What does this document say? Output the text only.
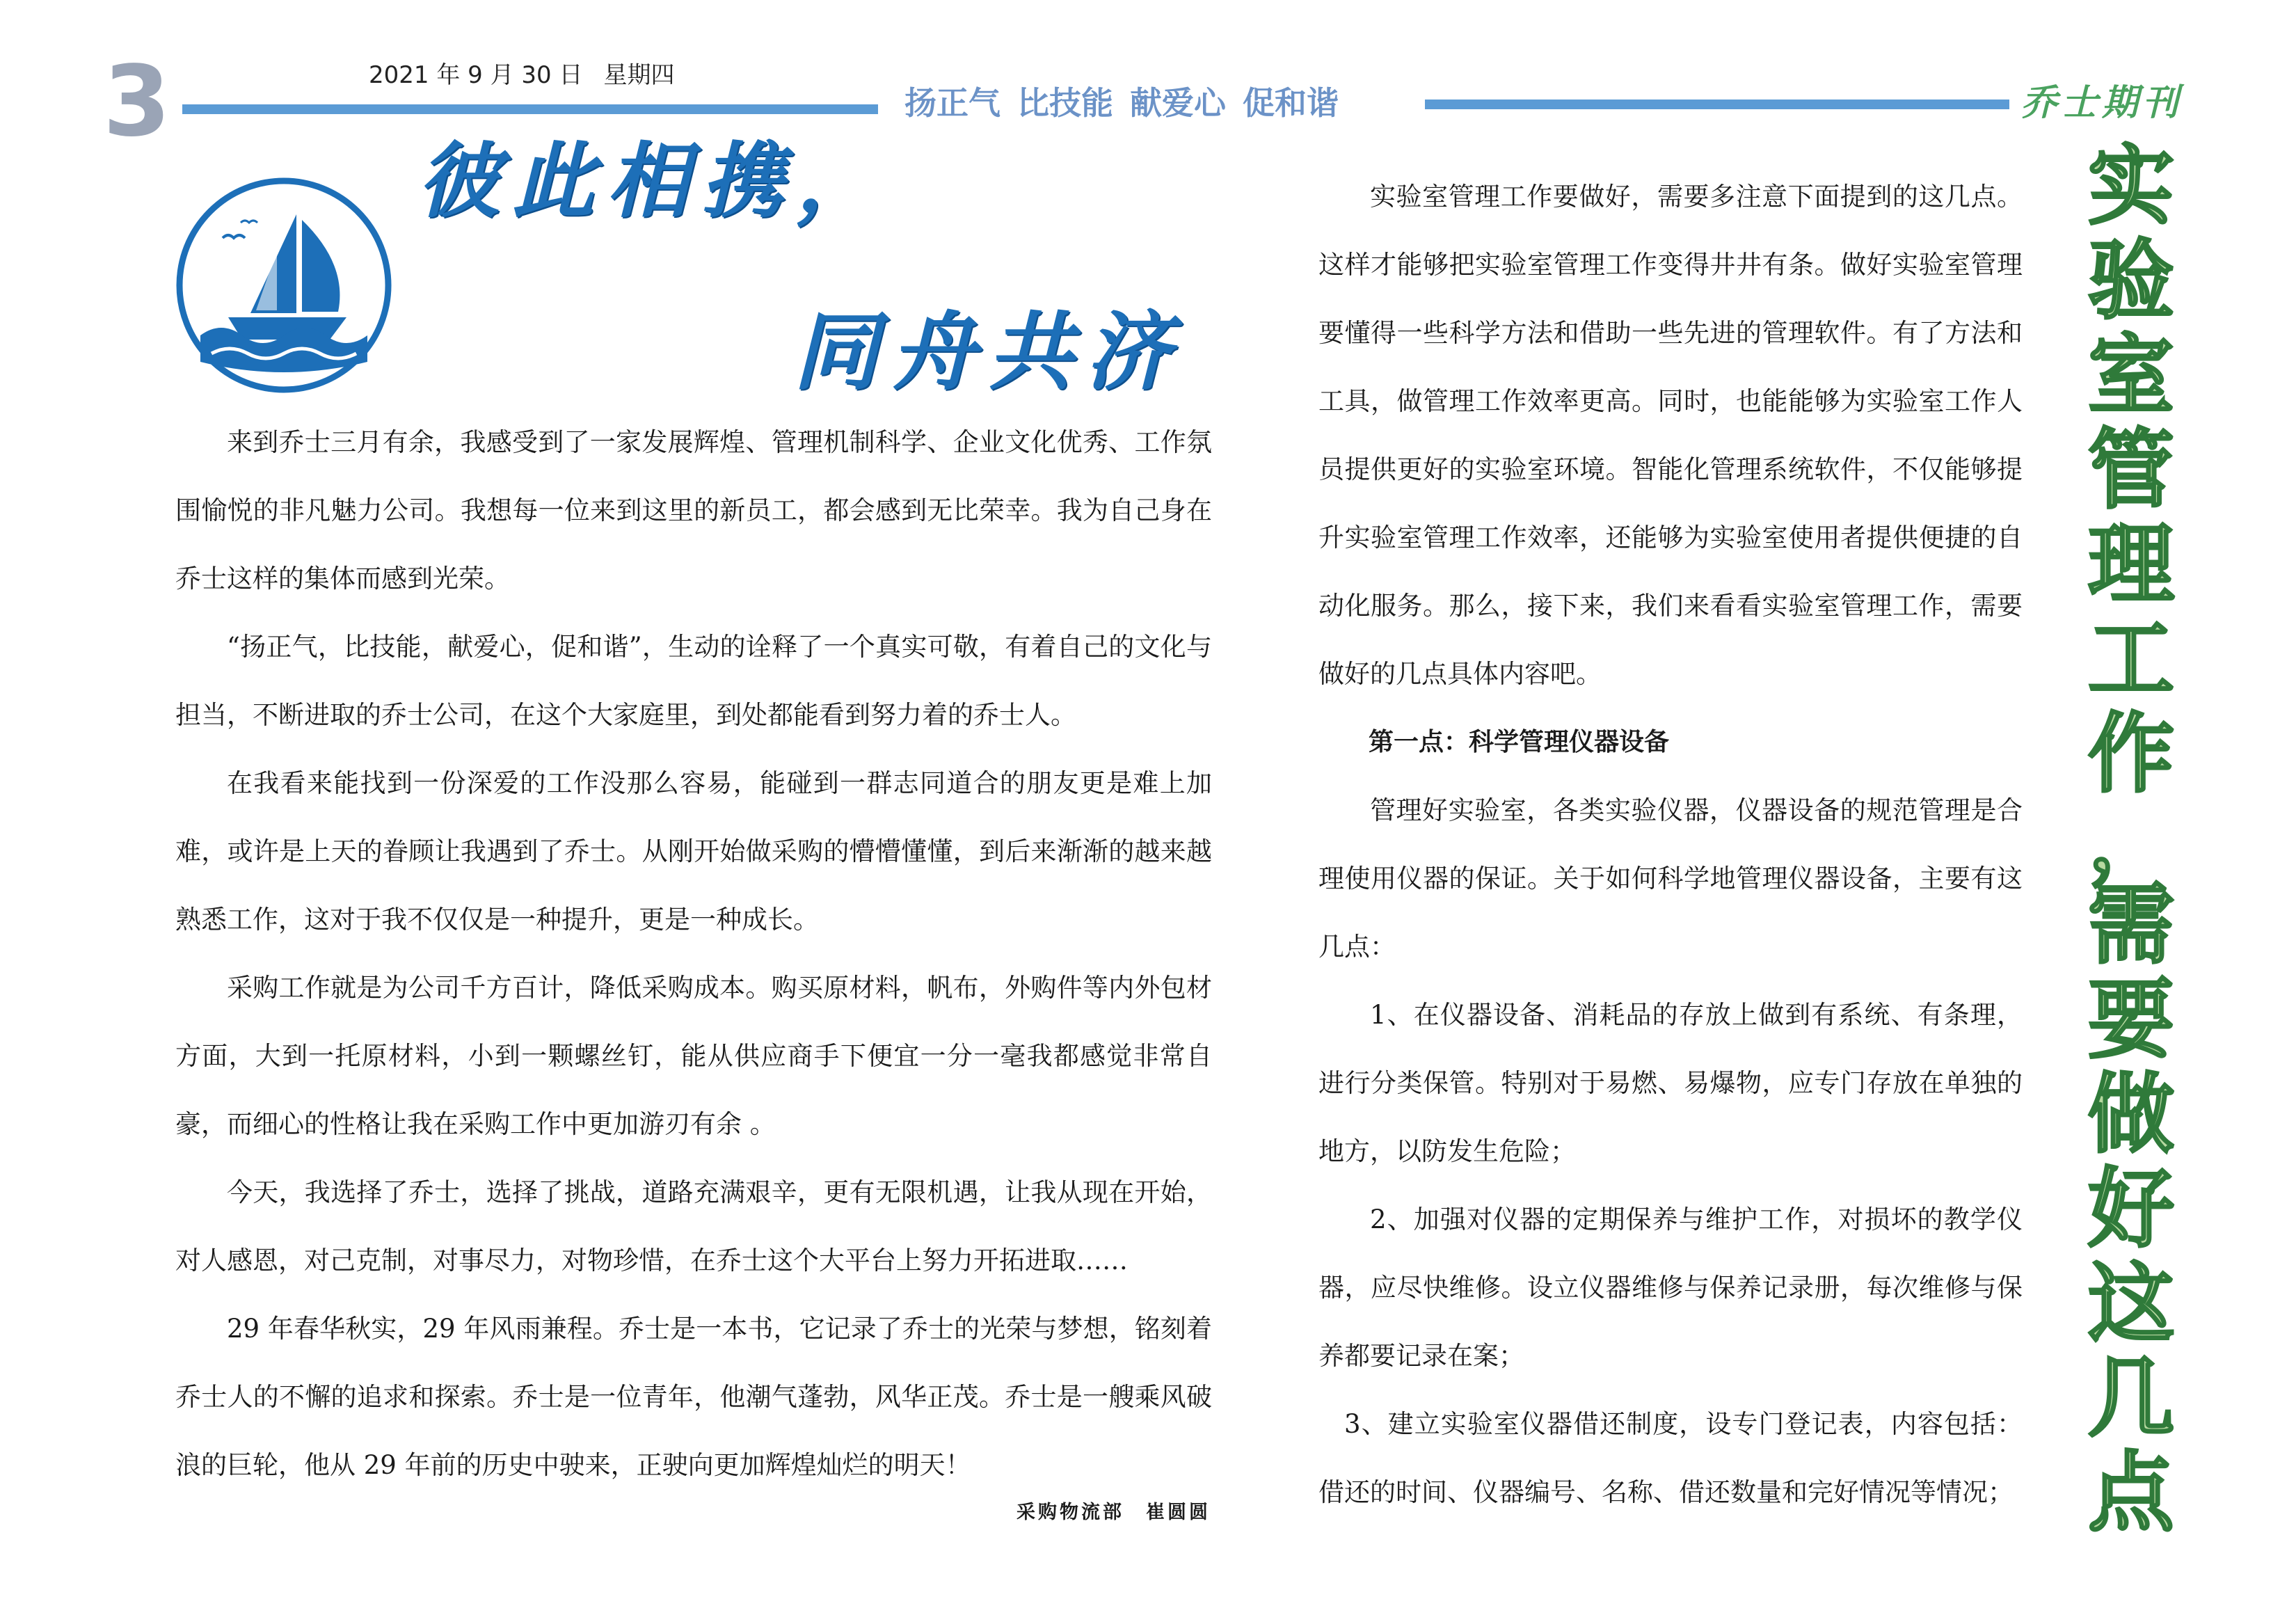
3	2021 年 9 月 30 日 星期四
扬正气 比技能 献爱心 促和谐	乔士期刊
彼此相携，
同舟共济

来到乔士三月有余，我感受到了一家发展辉煌、管理机制科学、企业文化优秀、工作氛围愉悦的非凡魅力公司。我想每一位来到这里的新员工，都会感到无比荣幸。我为自己身在乔士这样的集体而感到光荣。

“扬正气，比技能，献爱心，促和谐”，生动的诠释了一个真实可敬，有着自己的文化与担当，不断进取的乔士公司，在这个大家庭里，到处都能看到努力着的乔士人。

在我看来能找到一份深爱的工作没那么容易，能碰到一群志同道合的朋友更是难上加难，或许是上天的眷顾让我遇到了乔士。从刚开始做采购的懵懵懂懂，到后来渐渐的越来越熟悉工作，这对于我不仅仅是一种提升，更是一种成长。

采购工作就是为公司千方百计，降低采购成本。购买原材料，帆布，外购件等内外包材方面，大到一托原材料，小到一颗螺丝钉，能从供应商手下便宜一分一毫我都感觉非常自豪，而细心的性格让我在采购工作中更加游刃有余 。

今天，我选择了乔士，选择了挑战，道路充满艰辛，更有无限机遇，让我从现在开始，对人感恩，对己克制，对事尽力，对物珍惜，在乔士这个大平台上努力开拓进取……

29 年春华秋实，29 年风雨兼程。乔士是一本书，它记录了乔士的光荣与梦想，铭刻着乔士人的不懈的追求和探索。乔士是一位青年，他潮气蓬勃，风华正茂。乔士是一艘乘风破浪的巨轮，他从 29 年前的历史中驶来，正驶向更加辉煌灿烂的明天！

采购物流部　崔圆圆

实验室管理工作要做好，需要多注意下面提到的这几点。这样才能够把实验室管理工作变得井井有条。做好实验室管理要懂得一些科学方法和借助一些先进的管理软件。有了方法和工具，做管理工作效率更高。同时，也能能够为实验室工作人员提供更好的实验室环境。智能化管理系统软件，不仅能够提升实验室管理工作效率，还能够为实验室使用者提供便捷的自动化服务。那么，接下来，我们来看看实验室管理工作，需要做好的几点具体内容吧。

第一点：科学管理仪器设备

管理好实验室，各类实验仪器，仪器设备的规范管理是合理使用仪器的保证。关于如何科学地管理仪器设备，主要有这几点：

1、在仪器设备、消耗品的存放上做到有系统、有条理，进行分类保管。特别对于易燃、易爆物，应专门存放在单独的地方，以防发生危险；

2、加强对仪器的定期保养与维护工作，对损坏的教学仪器，应尽快维修。设立仪器维修与保养记录册，每次维修与保养都要记录在案；

3、建立实验室仪器借还制度，设专门登记表，内容包括：借还的时间、仪器编号、名称、借还数量和完好情况等情况；

实
验
室
管
理
工
作
，
需
要
做
好
这
几
点
